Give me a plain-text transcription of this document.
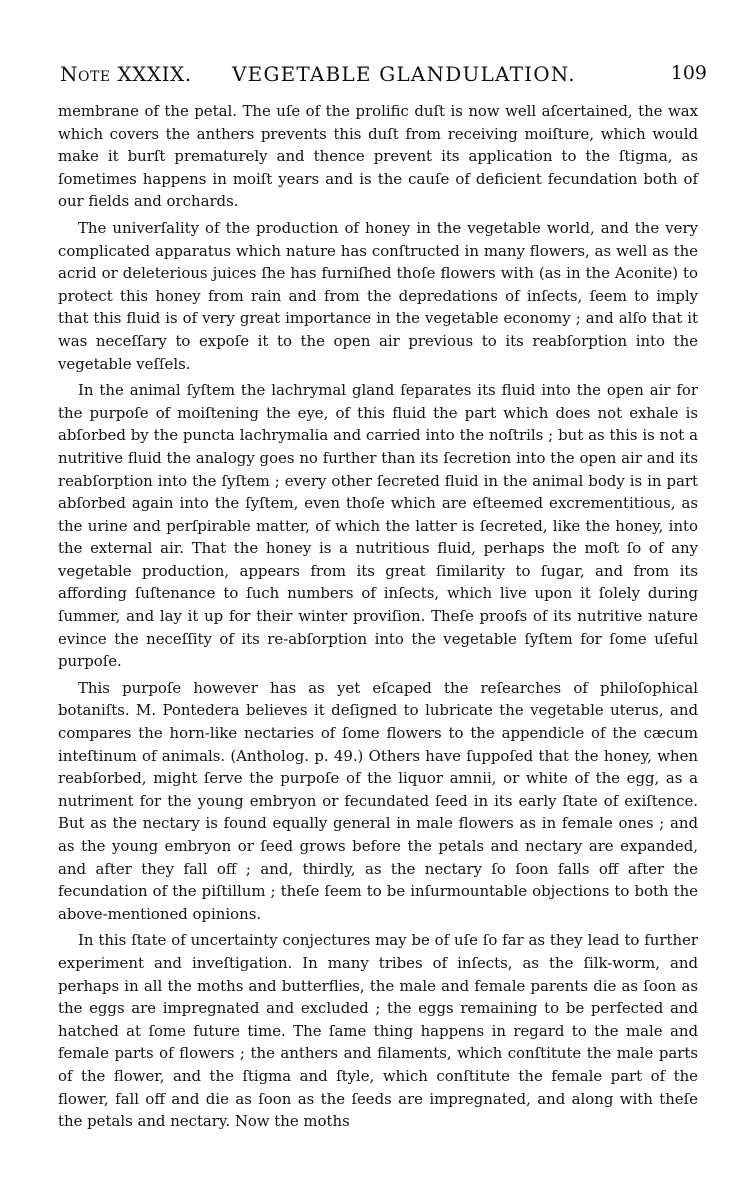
Note XXXIX. VEGETABLE GLANDULATION.	109

membrane of the petal. The uſe of the prolific duſt is now well aſcertained, the wax which covers the anthers prevents this duſt from receiving moiſture, which would make it burſt prematurely and thence prevent its application to the ſtigma, as ſometimes happens in moiſt years and is the cauſe of deficient fecundation both of our fields and orchards.

The univerſality of the production of honey in the vegetable world, and the very complicated apparatus which nature has conſtructed in many flowers, as well as the acrid or deleterious juices ſhe has furniſhed thoſe flowers with (as in the Aconite) to protect this honey from rain and from the depredations of inſects, ſeem to imply that this fluid is of very great importance in the vegetable economy ; and alſo that it was neceſſary to expoſe it to the open air previous to its reabſorption into the vegetable veſſels.

In the animal ſyſtem the lachrymal gland ſeparates its fluid into the open air for the purpoſe of moiſtening the eye, of this fluid the part which does not exhale is abſorbed by the puncta lachrymalia and carried into the noſtrils ; but as this is not a nutritive fluid the analogy goes no further than its ſecretion into the open air and its reabſorption into the ſyſtem ; every other ſecreted fluid in the animal body is in part abſorbed again into the ſyſtem, even thoſe which are eſteemed excrementitious, as the urine and perſpirable matter, of which the latter is ſecreted, like the honey, into the external air. That the honey is a nutritious fluid, perhaps the moſt ſo of any vegetable production, appears from its great ſimilarity to ſugar, and from its affording ſuſtenance to ſuch numbers of inſects, which live upon it ſolely during ſummer, and lay it up for their winter proviſion. Theſe proofs of its nutritive nature evince the neceſſity of its re-abſorption into the vegetable ſyſtem for ſome uſeful purpoſe.

This purpoſe however has as yet eſcaped the reſearches of philoſophical botaniſts. M. Pontedera believes it deſigned to lubricate the vegetable uterus, and compares the horn-like nectaries of ſome flowers to the appendicle of the cæcum inteſtinum of animals. (Antholog. p. 49.) Others have ſuppoſed that the honey, when reabſorbed, might ſerve the purpoſe of the liquor amnii, or white of the egg, as a nutriment for the young embryon or fecundated ſeed in its early ſtate of exiſtence. But as the nectary is found equally general in male flowers as in female ones ; and as the young embryon or ſeed grows before the petals and nectary are expanded, and after they fall off ; and, thirdly, as the nectary ſo ſoon falls off after the fecundation of the piſtillum ; theſe ſeem to be inſurmountable objections to both the above-mentioned opinions.

In this ſtate of uncertainty conjectures may be of uſe ſo far as they lead to further experiment and inveſtigation. In many tribes of inſects, as the ſilk-worm, and perhaps in all the moths and butterflies, the male and female parents die as ſoon as the eggs are impregnated and excluded ; the eggs remaining to be perfected and hatched at ſome future time. The ſame thing happens in regard to the male and female parts of flowers ; the anthers and filaments, which conſtitute the male parts of the flower, and the ſtigma and ſtyle, which conſtitute the female part of the flower, fall off and die as ſoon as the ſeeds are impregnated, and along with theſe the petals and nectary. Now the moths
